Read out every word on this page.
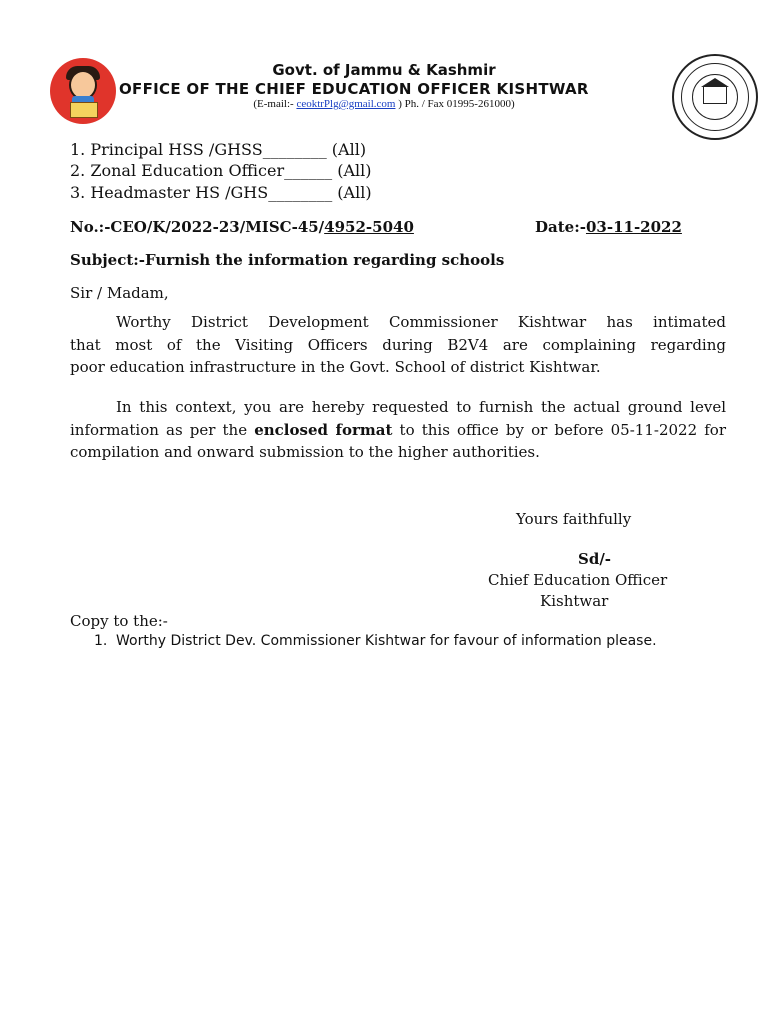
Govt. of Jammu & Kashmir
OFFICE OF THE CHIEF EDUCATION OFFICER KISHTWAR
(E-mail:- ceoktrPlg@gmail.com ) Ph. / Fax 01995-261000)
1. Principal HSS /GHSS________ (All)
2. Zonal Education Officer______ (All)
3. Headmaster HS /GHS________ (All)
No.:-CEO/K/2022-23/MISC-45/4952-5040	Date:-03-11-2022
Subject:-Furnish the information regarding schools
Sir / Madam,
Worthy District Development Commissioner Kishtwar has intimated
that most of the Visiting Officers during B2V4 are complaining regarding
poor education infrastructure in the Govt. School of district Kishtwar.
In this context, you are hereby requested to furnish the actual ground level information as per the enclosed format to this office by or before 05-11-2022 for compilation and onward submission to the higher authorities.
Yours faithfully
Sd/-
Chief Education Officer
Kishtwar
Copy to the:-
1. Worthy District Dev. Commissioner Kishtwar for favour of information please.
